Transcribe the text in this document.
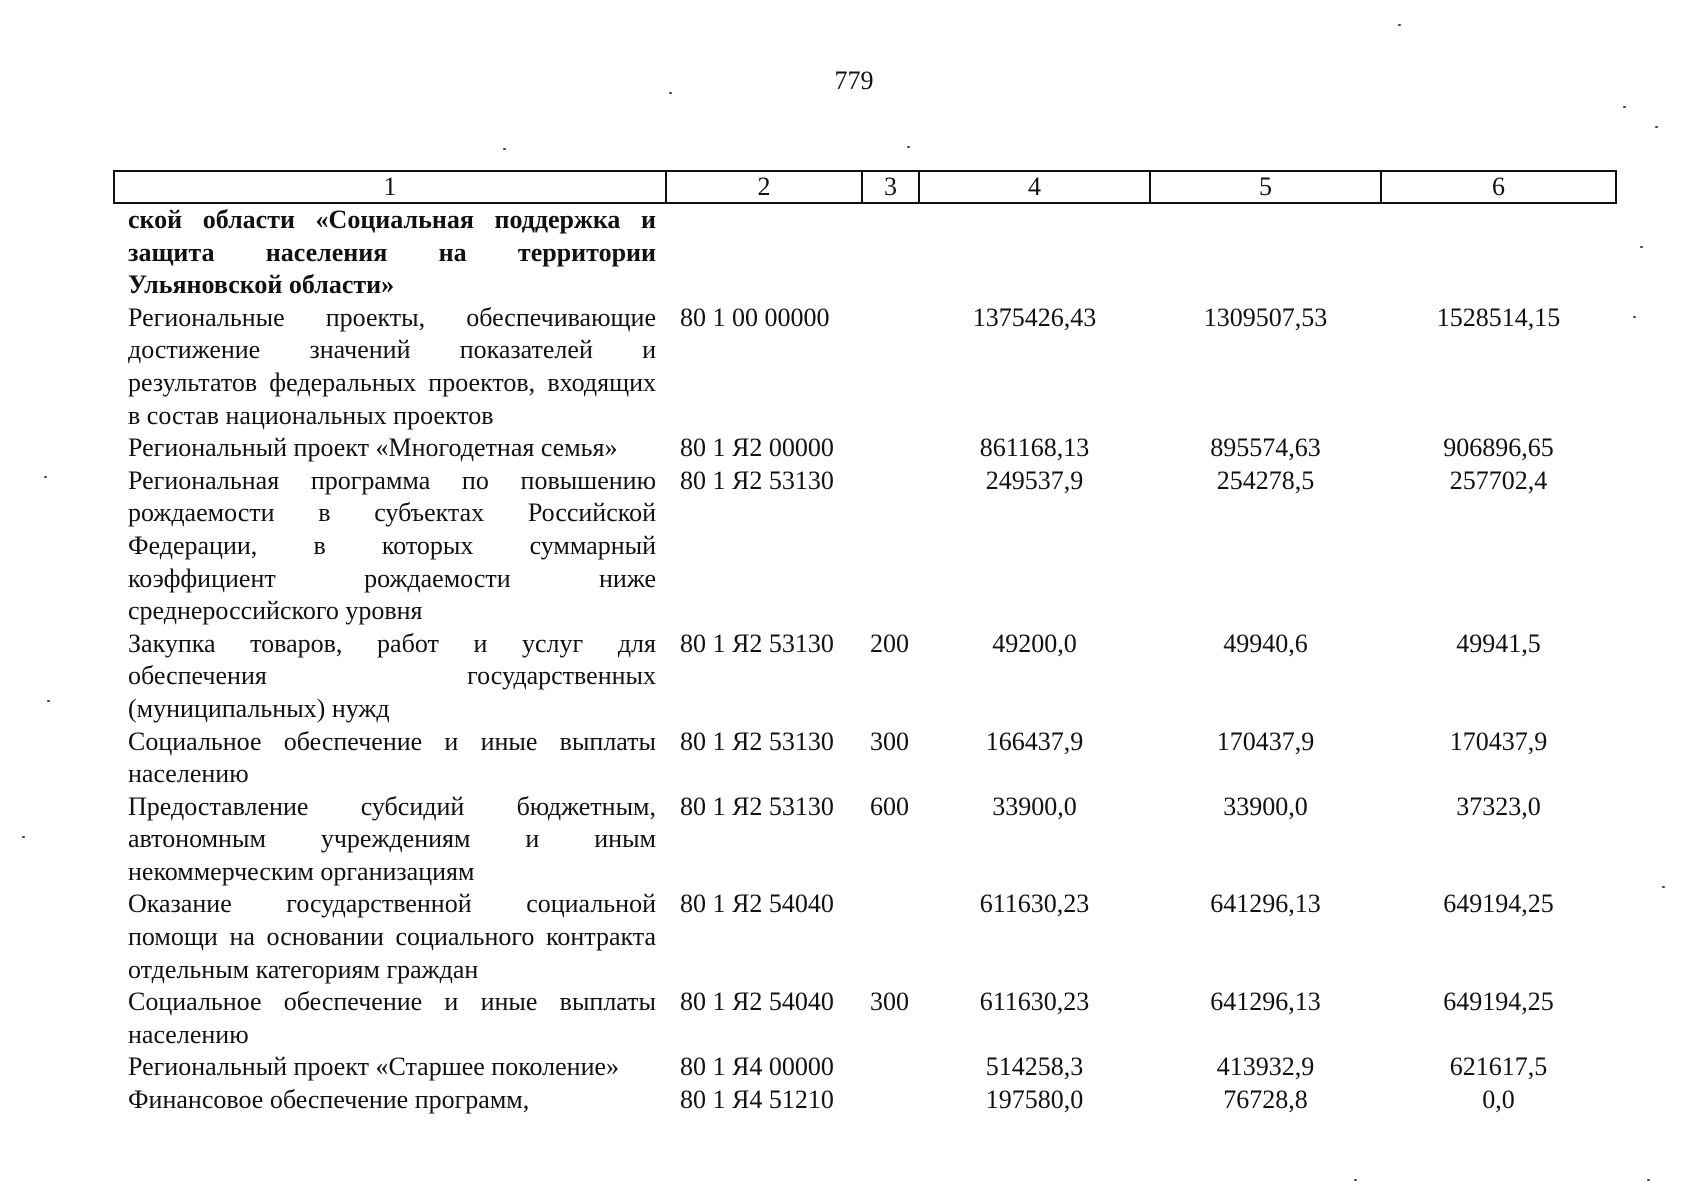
779
1	2	3	4	5	6
ской области «Социальная поддержка и защита населения на территории Ульяновской области»					
Региональные проекты, обеспечивающие достижение значений показателей и результатов федеральных проектов, входящих в состав национальных проектов	80 1 00 00000		1375426,43	1309507,53	1528514,15
Региональный проект «Многодетная семья»	80 1 Я2 00000		861168,13	895574,63	906896,65
Региональная программа по повышению рождаемости в субъектах Российской Федерации, в которых суммарный коэффициент рождаемости ниже среднероссийского уровня	80 1 Я2 53130		249537,9	254278,5	257702,4
Закупка товаров, работ и услуг для обеспечения государственных (муниципальных) нужд	80 1 Я2 53130	200	49200,0	49940,6	49941,5
Социальное обеспечение и иные выплаты населению	80 1 Я2 53130	300	166437,9	170437,9	170437,9
Предоставление субсидий бюджетным, автономным учреждениям и иным некоммерческим организациям	80 1 Я2 53130	600	33900,0	33900,0	37323,0
Оказание государственной социальной помощи на основании социального контракта отдельным категориям граждан	80 1 Я2 54040		611630,23	641296,13	649194,25
Социальное обеспечение и иные выплаты населению	80 1 Я2 54040	300	611630,23	641296,13	649194,25
Региональный проект «Старшее поколение»	80 1 Я4 00000		514258,3	413932,9	621617,5
Финансовое обеспечение программ,	80 1 Я4 51210		197580,0	76728,8	0,0
